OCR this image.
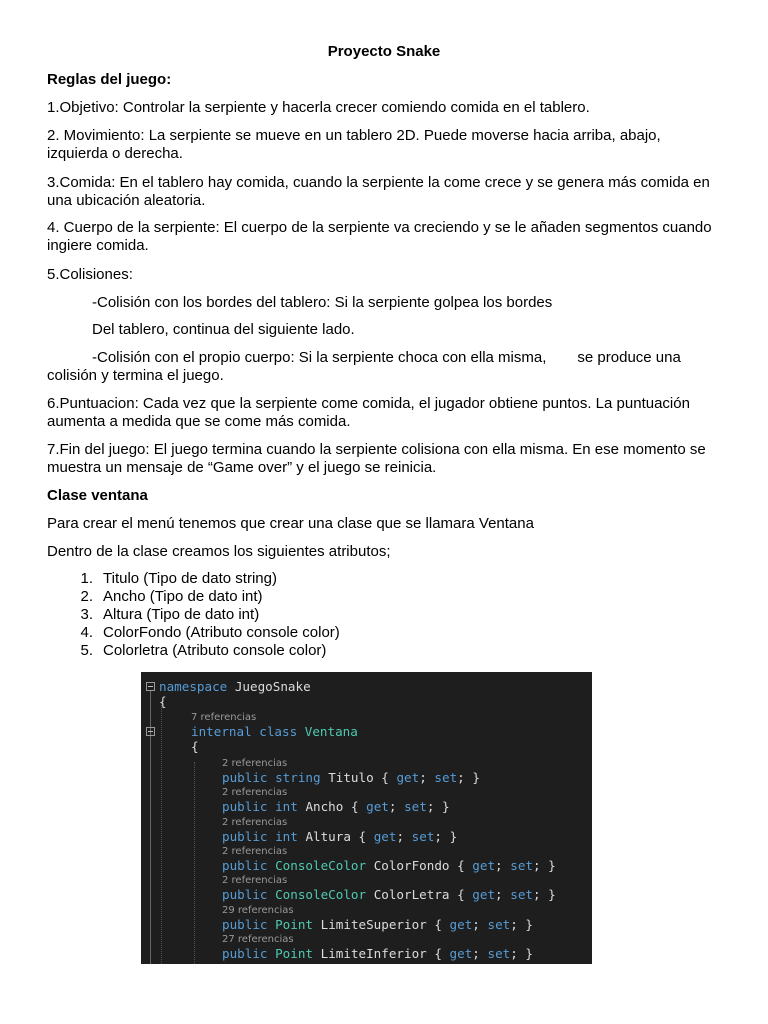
Proyecto Snake
Reglas del juego:
1.Objetivo: Controlar la serpiente y hacerla crecer comiendo comida en el tablero.
2. Movimiento: La serpiente se mueve en un tablero 2D. Puede moverse hacia arriba, abajo, izquierda o derecha.
3.Comida: En el tablero hay comida, cuando la serpiente la come crece y se genera más comida en una ubicación aleatoria.
4. Cuerpo de la serpiente: El cuerpo de la serpiente va creciendo y se le añaden segmentos cuando ingiere comida.
5.Colisiones:
-Colisión con los bordes del tablero: Si la serpiente golpea los bordes
Del tablero, continua del siguiente lado.
-Colisión con el propio cuerpo: Si la serpiente choca con ella misma, se produce una colisión y termina el juego.
6.Puntuacion: Cada vez que la serpiente come comida, el jugador obtiene puntos. La puntuación aumenta a medida que se come más comida.
7.Fin del juego: El juego termina cuando la serpiente colisiona con ella misma. En ese momento se muestra un mensaje de “Game over” y el juego se reinicia.
Clase ventana
Para crear el menú tenemos que crear una clase que se llamara Ventana
Dentro de la clase creamos los siguientes atributos;
1. Titulo (Tipo de dato string)
2. Ancho (Tipo de dato int)
3. Altura (Tipo de dato int)
4. ColorFondo (Atributo console color)
5. Colorletra (Atributo console color)
namespace JuegoSnake
{
7 referencias
internal class Ventana
{
2 referencias
public string Titulo { get; set; }
2 referencias
public int Ancho { get; set; }
2 referencias
public int Altura { get; set; }
2 referencias
public ConsoleColor ColorFondo { get; set; }
2 referencias
public ConsoleColor ColorLetra { get; set; }
29 referencias
public Point LimiteSuperior { get; set; }
27 referencias
public Point LimiteInferior { get; set; }
